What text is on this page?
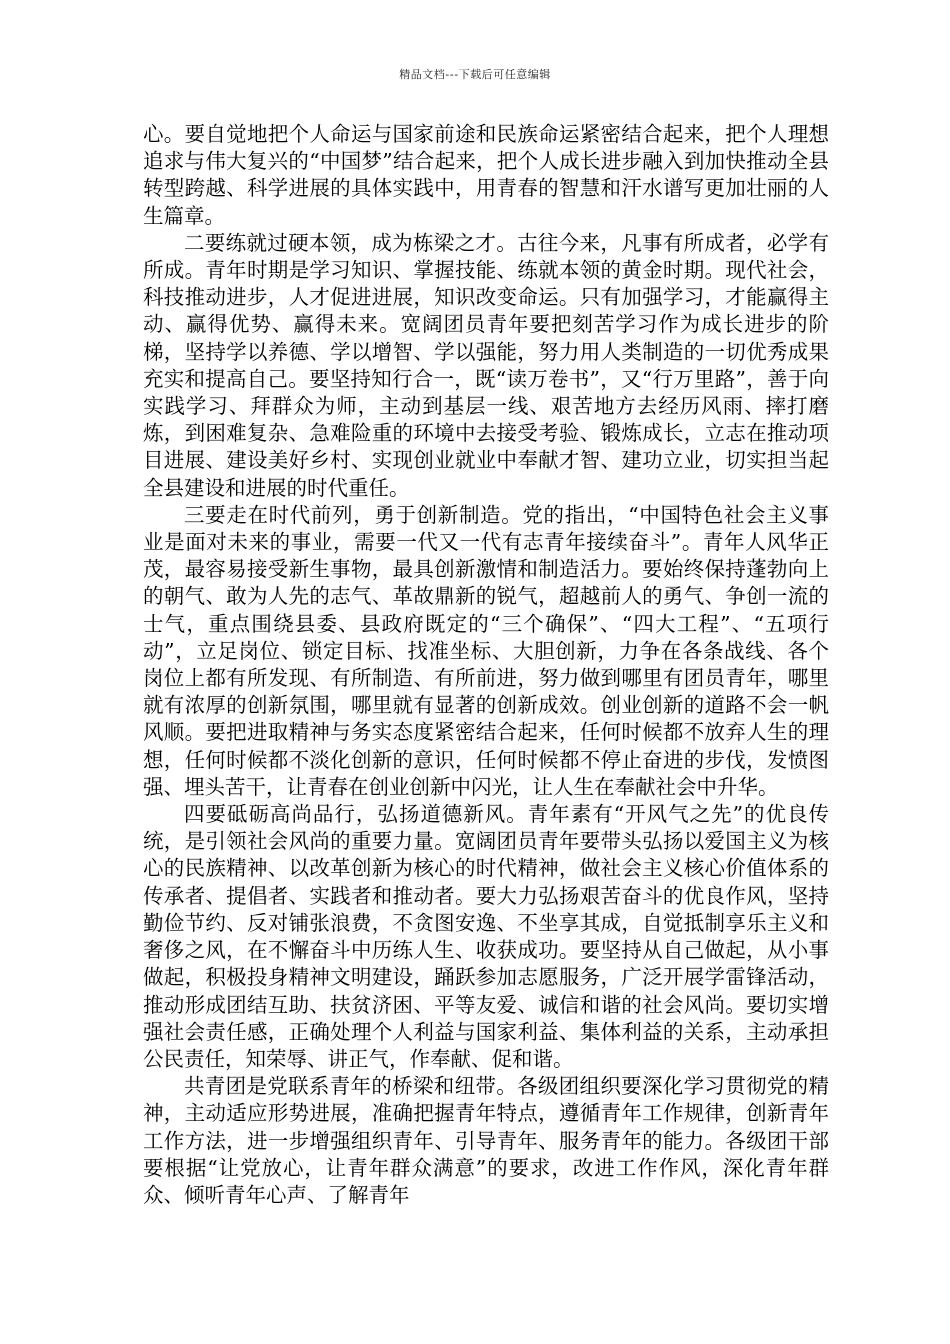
精品文档---下载后可任意编辑

心。要自觉地把个人命运与国家前途和民族命运紧密结合起来，把个人理想追求与伟大复兴的“中国梦”结合起来，把个人成长进步融入到加快推动全县转型跨越、科学进展的具体实践中，用青春的智慧和汗水谱写更加壮丽的人生篇章。

二要练就过硬本领，成为栋梁之才。古往今来，凡事有所成者，必学有所成。青年时期是学习知识、掌握技能、练就本领的黄金时期。现代社会，科技推动进步，人才促进进展，知识改变命运。只有加强学习，才能赢得主动、赢得优势、赢得未来。宽阔团员青年要把刻苦学习作为成长进步的阶梯，坚持学以养德、学以增智、学以强能，努力用人类制造的一切优秀成果充实和提高自己。要坚持知行合一，既“读万卷书”，又“行万里路”，善于向实践学习、拜群众为师，主动到基层一线、艰苦地方去经历风雨、摔打磨炼，到困难复杂、急难险重的环境中去接受考验、锻炼成长，立志在推动项目进展、建设美好乡村、实现创业就业中奉献才智、建功立业，切实担当起全县建设和进展的时代重任。

三要走在时代前列，勇于创新制造。党的指出，“中国特色社会主义事业是面对未来的事业，需要一代又一代有志青年接续奋斗”。青年人风华正茂，最容易接受新生事物，最具创新激情和制造活力。要始终保持蓬勃向上的朝气、敢为人先的志气、革故鼎新的锐气，超越前人的勇气、争创一流的士气，重点围绕县委、县政府既定的“三个确保”、“四大工程”、“五项行动”，立足岗位、锁定目标、找准坐标、大胆创新，力争在各条战线、各个岗位上都有所发现、有所制造、有所前进，努力做到哪里有团员青年，哪里就有浓厚的创新氛围，哪里就有显著的创新成效。创业创新的道路不会一帆风顺。要把进取精神与务实态度紧密结合起来，任何时候都不放弃人生的理想，任何时候都不淡化创新的意识，任何时候都不停止奋进的步伐，发愤图强、埋头苦干，让青春在创业创新中闪光，让人生在奉献社会中升华。

四要砥砺高尚品行，弘扬道德新风。青年素有“开风气之先”的优良传统，是引领社会风尚的重要力量。宽阔团员青年要带头弘扬以爱国主义为核心的民族精神、以改革创新为核心的时代精神，做社会主义核心价值体系的传承者、提倡者、实践者和推动者。要大力弘扬艰苦奋斗的优良作风，坚持勤俭节约、反对铺张浪费，不贪图安逸、不坐享其成，自觉抵制享乐主义和奢侈之风，在不懈奋斗中历练人生、收获成功。要坚持从自己做起，从小事做起，积极投身精神文明建设，踊跃参加志愿服务，广泛开展学雷锋活动，推动形成团结互助、扶贫济困、平等友爱、诚信和谐的社会风尚。要切实增强社会责任感，正确处理个人利益与国家利益、集体利益的关系，主动承担公民责任，知荣辱、讲正气，作奉献、促和谐。

共青团是党联系青年的桥梁和纽带。各级团组织要深化学习贯彻党的精神，主动适应形势进展，准确把握青年特点，遵循青年工作规律，创新青年工作方法，进一步增强组织青年、引导青年、服务青年的能力。各级团干部要根据“让党放心，让青年群众满意”的要求，改进工作作风，深化青年群众、倾听青年心声、了解青年
